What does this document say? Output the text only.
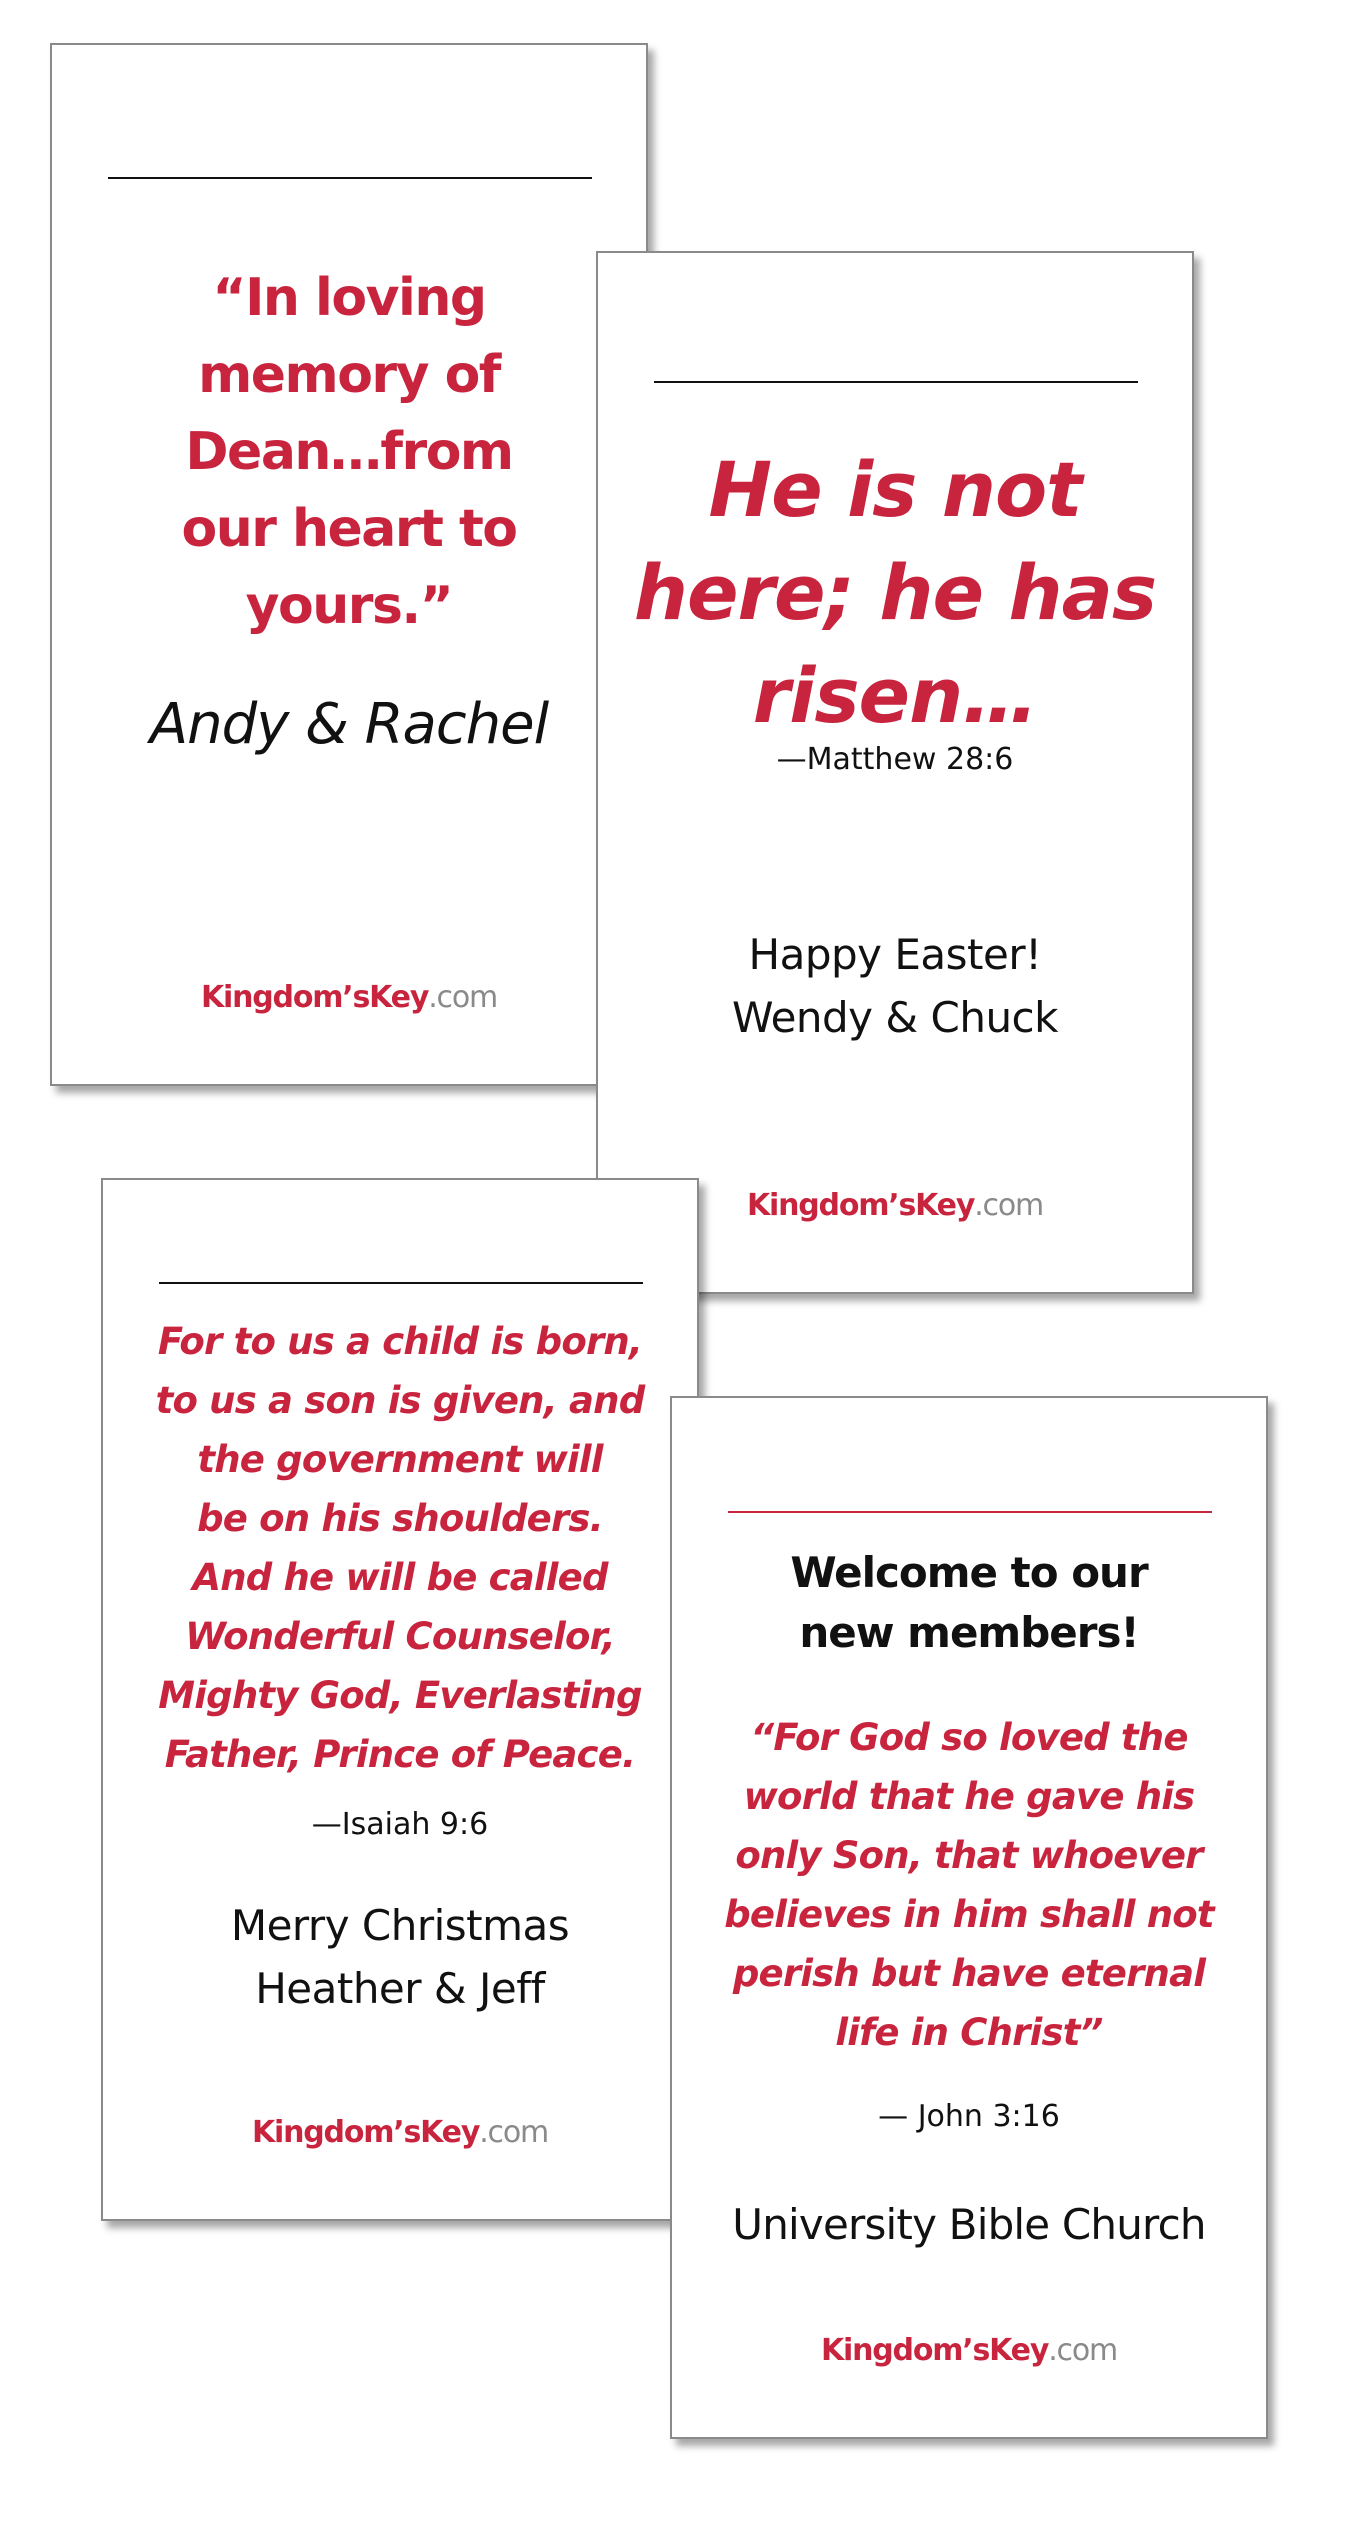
“In loving
memory of
Dean…from
our heart to
yours.”

Andy & Rachel

Kingdom’sKey.com

He is not
here; he has
risen…

—Matthew 28:6

Happy Easter!
Wendy & Chuck

Kingdom’sKey.com

For to us a child is born,
to us a son is given, and
the government will
be on his shoulders.
And he will be called
Wonderful Counselor,
Mighty God, Everlasting
Father, Prince of Peace.

—Isaiah 9:6

Merry Christmas
Heather & Jeff

Kingdom’sKey.com

Welcome to our
new members!

“For God so loved the
world that he gave his
only Son, that whoever
believes in him shall not
perish but have eternal
life in Christ”

— John 3:16

University Bible Church

Kingdom’sKey.com
